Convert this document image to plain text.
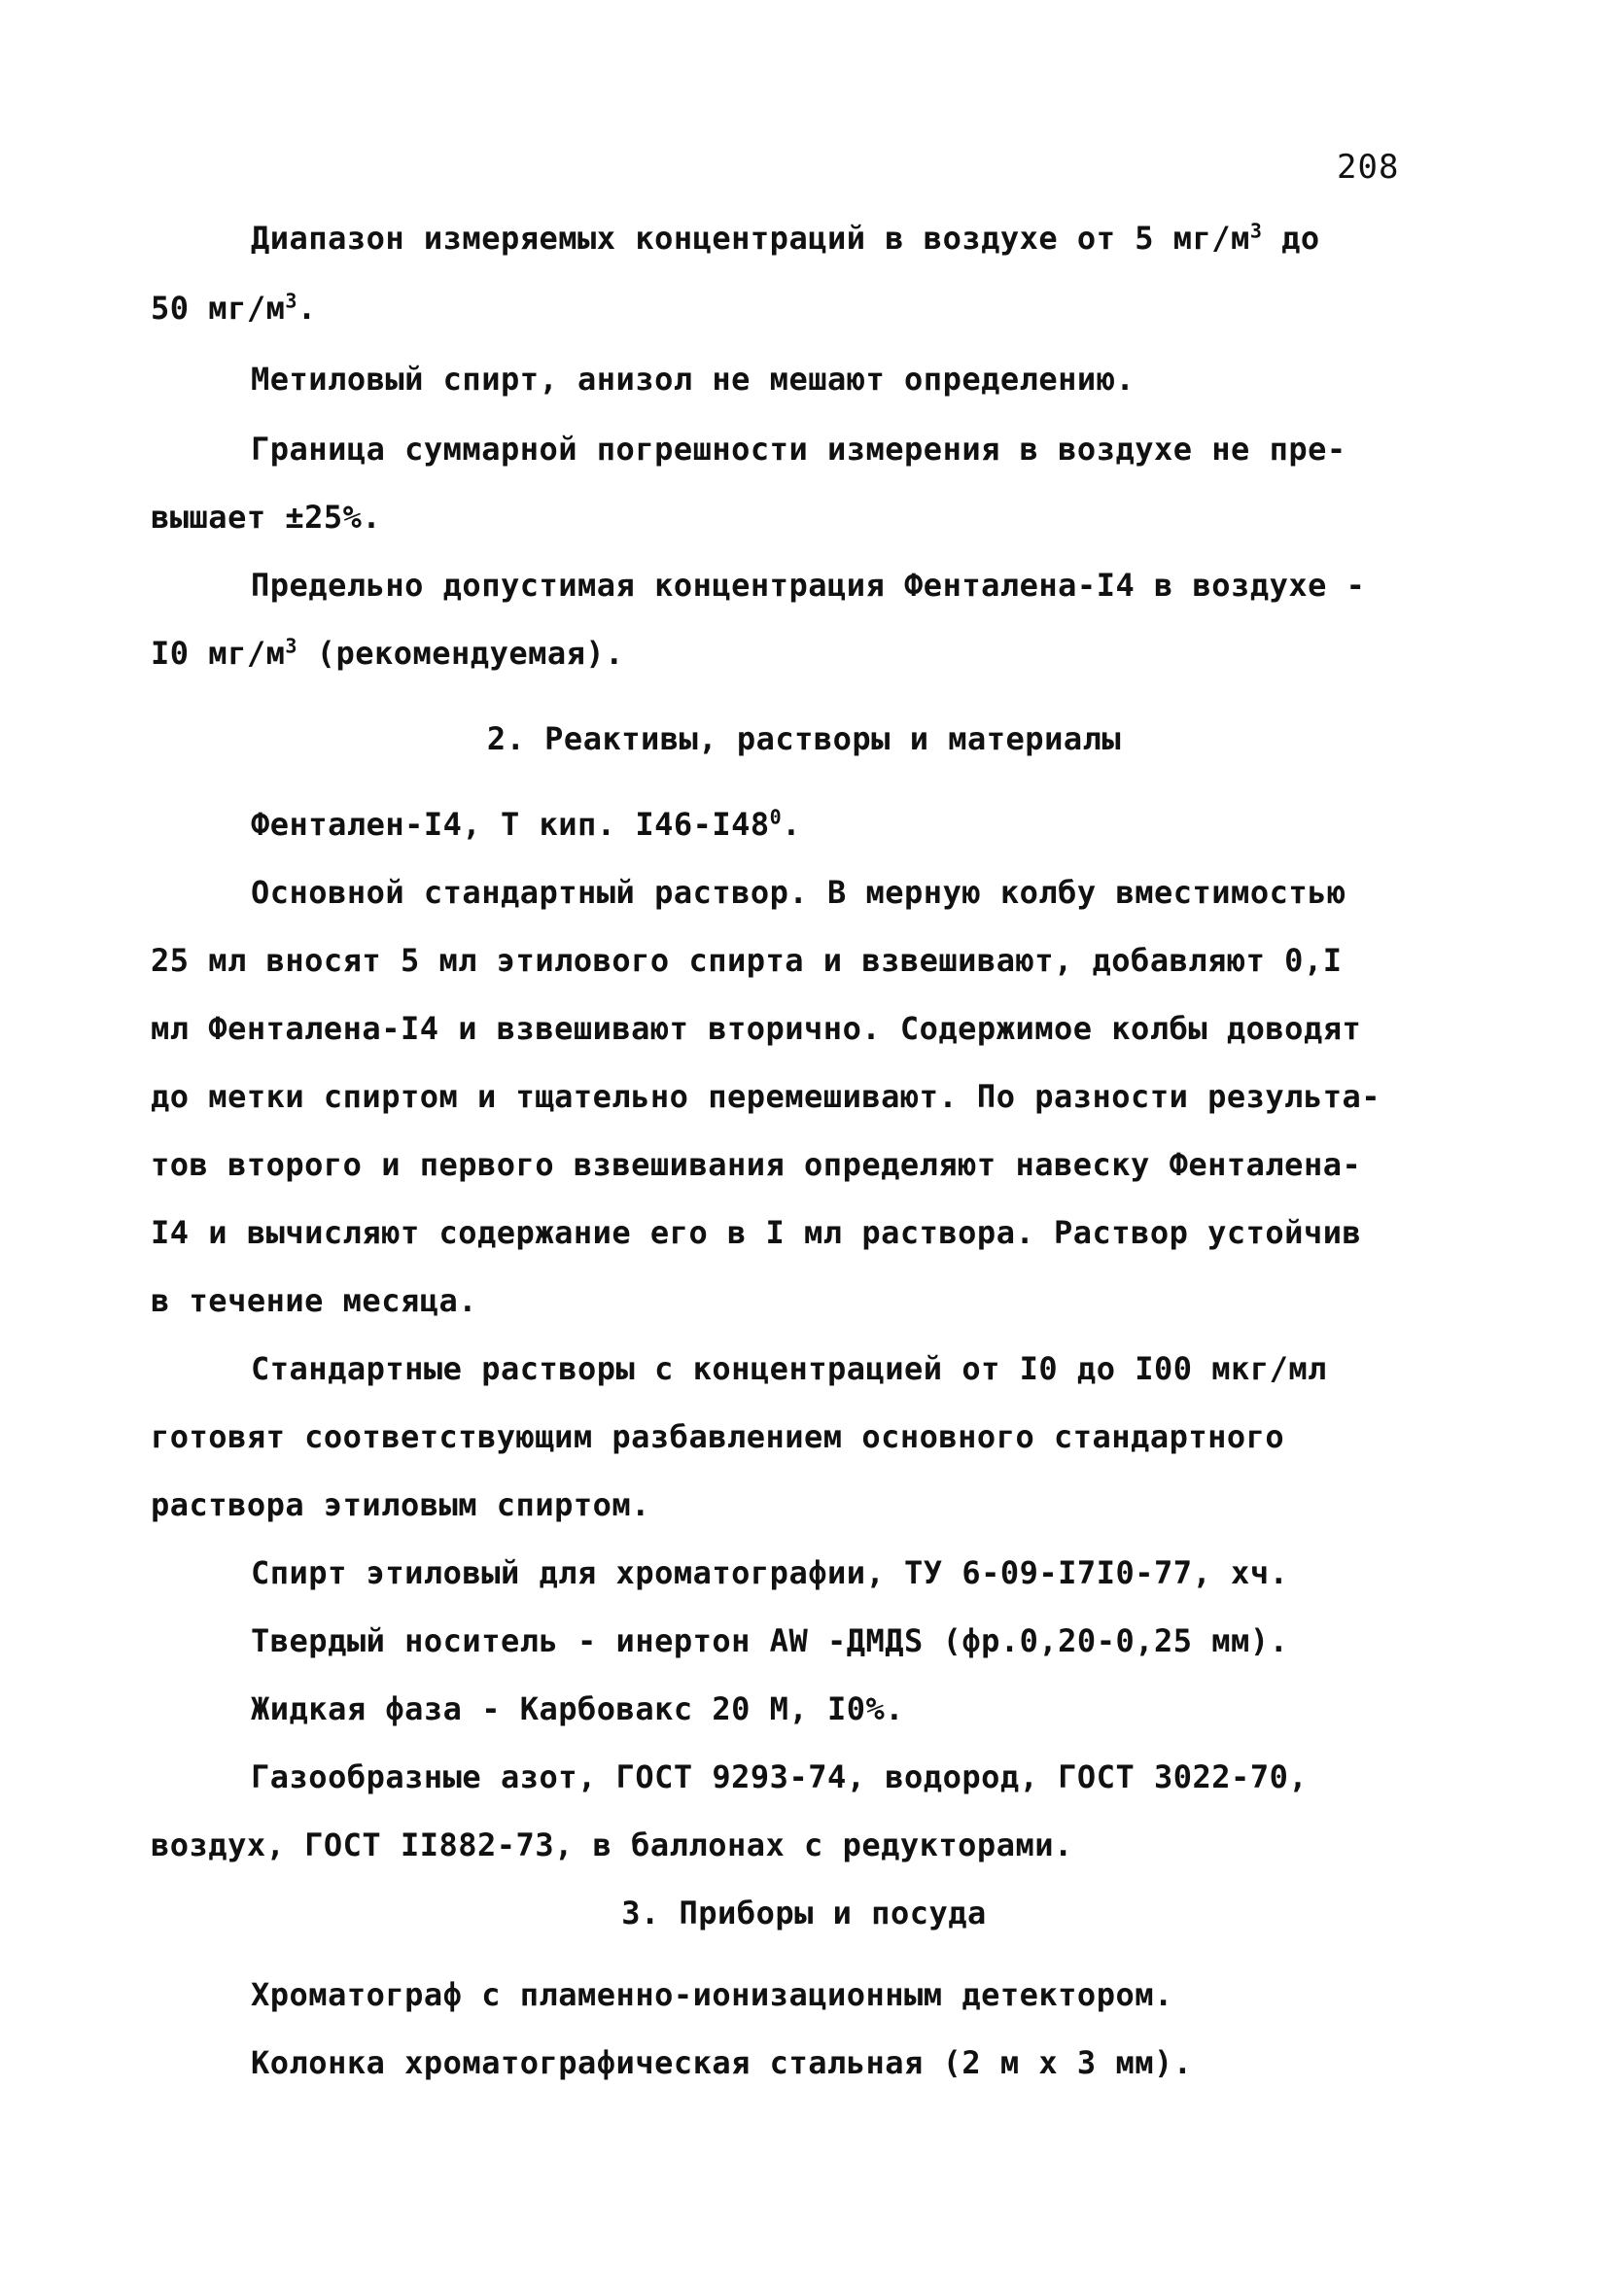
208
Диапазон измеряемых концентраций в воздухе от 5 $мг/м^3$ до
50 $мг/м^3$.
Метиловый спирт, анизол не мешают определению.
Граница суммарной погрешности измерения в воздухе не пре-
вышает ±25%.
Предельно допустимая концентрация Фенталена-I4 в воздухе -
I0 $мг/м^3$ (рекомендуемая).
2. Реактивы, растворы и материалы
Фентален-I4, Т кип. $I46-I48^0$.
Основной стандартный раствор. В мерную колбу вместимостью
25 мл вносят 5 мл этилового спирта и взвешивают, добавляют 0,I
мл Фенталена-I4 и взвешивают вторично. Содержимое колбы доводят
до метки спиртом и тщательно перемешивают. По разности результа-
тов второго и первого взвешивания определяют навеску Фенталена-
I4 и вычисляют содержание его в I мл раствора. Раствор устойчив
в течение месяца.
Стандартные растворы с концентрацией от I0 до I00 мкг/мл
готовят соответствующим разбавлением основного стандартного
раствора этиловым спиртом.
Спирт этиловый для хроматографии, ТУ 6-09-I7I0-77, хч.
Твердый носитель - инертон AW -ДМДS (фр.0,20-0,25 мм).
Жидкая фаза - Карбовакс 20 М, I0%.
Газообразные азот, ГОСТ 9293-74, водород, ГОСТ 3022-70,
воздух, ГОСТ II882-73, в баллонах с редукторами.
3. Приборы и посуда
Хроматограф с пламенно-ионизационным детектором.
Колонка хроматографическая стальная (2 м х 3 мм).
